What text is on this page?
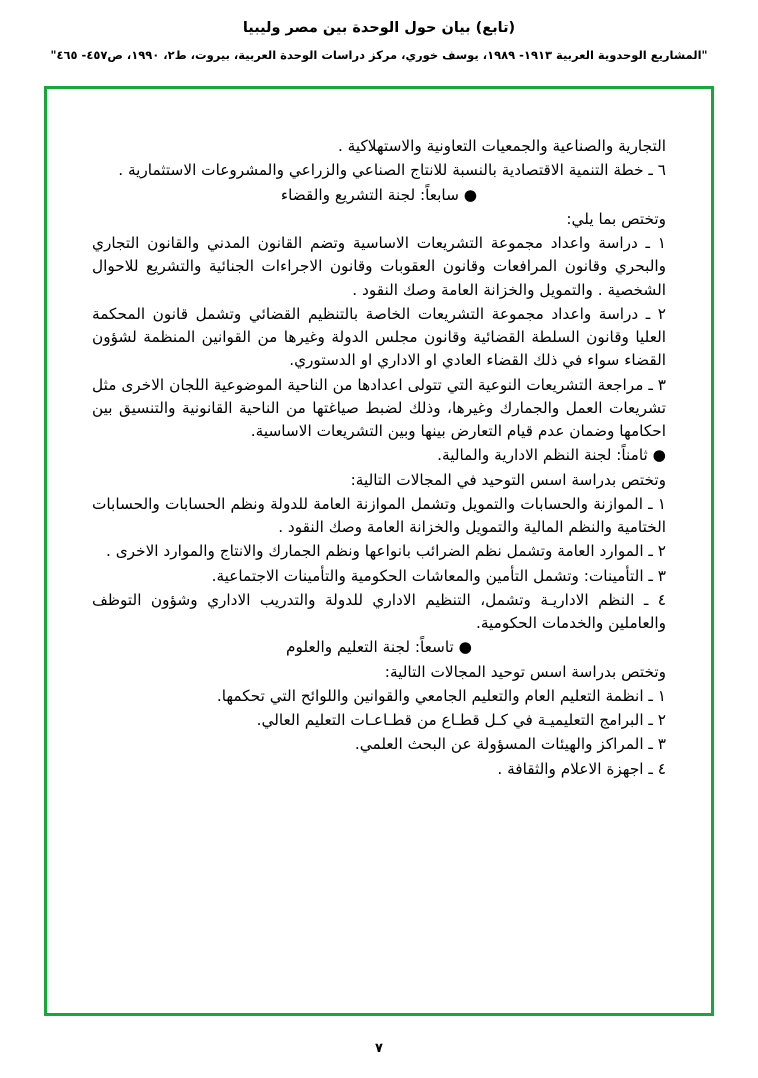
(تابع) بيان حول الوحدة بين مصر وليبيا
"المشاريع الوحدوية العربية ١٩١٣- ١٩٨٩، يوسف خوري، مركز دراسات الوحدة العربية، بيروت، ط٢، ١٩٩٠، ص٤٥٧- ٤٦٥"

التجارية والصناعية والجمعيات التعاونية والاستهلاكية .

٦ ـ خطة التنمية الاقتصادية بالنسبة للانتاج الصناعي والزراعي والمشروعات الاستثمارية .

● سابعاً: لجنة التشريع والقضاء

وتختص بما يلي:

١ ـ دراسة واعداد مجموعة التشريعات الاساسية وتضم القانون المدني والقانون التجاري والبحري وقانون المرافعات وقانون العقوبات وقانون الاجراءات الجنائية والتشريع للاحوال الشخصية . والتمويل والخزانة العامة وصك النقود .

٢ ـ دراسة واعداد مجموعة التشريعات الخاصة بالتنظيم القضائي وتشمل قانون المحكمة العليا وقانون السلطة القضائية وقانون مجلس الدولة وغيرها من القوانين المنظمة لشؤون القضاء سواء في ذلك القضاء العادي او الاداري او الدستوري.

٣ ـ مراجعة التشريعات النوعية التي تتولى اعدادها من الناحية الموضوعية اللجان الاخرى مثل تشريعات العمل والجمارك وغيرها، وذلك لضبط صياغتها من الناحية القانونية والتنسيق بين احكامها وضمان عدم قيام التعارض بينها وبين التشريعات الاساسية.

● ثامناً: لجنة النظم الادارية والمالية.

وتختص بدراسة اسس التوحيد في المجالات التالية:

١ ـ الموازنة والحسابات والتمويل وتشمل الموازنة العامة للدولة ونظم الحسابات والحسابات الختامية والنظم المالية والتمويل والخزانة العامة وصك النقود .

٢ ـ الموارد العامة وتشمل نظم الضرائب بانواعها ونظم الجمارك والانتاج والموارد الاخرى .

٣ ـ التأمينات: وتشمل التأمين والمعاشات الحكومية والتأمينات الاجتماعية.

٤ ـ النظم الاداريـة وتشمل، التنظيم الاداري للدولة والتدريب الاداري وشؤون التوظف والعاملين والخدمات الحكومية.

● تاسعاً: لجنة التعليم والعلوم

وتختص بدراسة اسس توحيد المجالات التالية:

١ ـ انظمة التعليم العام والتعليم الجامعي والقوانين واللوائح التي تحكمها.

٢ ـ البرامج التعليميـة في كـل قطـاع من قطـاعـات التعليم العالي.

٣ ـ المراكز والهيئات المسؤولة عن البحث العلمي.

٤ ـ اجهزة الاعلام والثقافة .

٧
